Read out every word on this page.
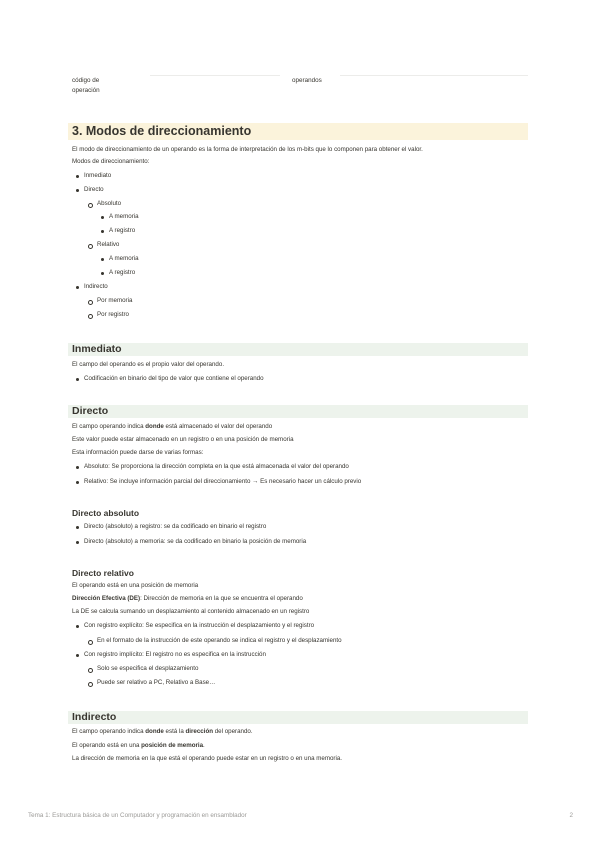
código de operación
operandos
3. Modos de direccionamiento
El modo de direccionamiento de un operando es la forma de interpretación de los m-bits que lo componen para obtener el valor.
Modos de direccionamiento:
Inmediato
Directo
Absoluto
A memoria
A registro
Relativo
A memoria
A registro
Indirecto
Por memoria
Por registro
Inmediato
El campo del operando es el propio valor del operando.
Codificación en binario del tipo de valor que contiene el operando
Directo
El campo operando indica donde está almacenado el valor del operando
Este valor puede estar almacenado en un registro o en una posición de memoria
Esta información puede darse de varias formas:
Absoluto: Se proporciona la dirección completa en la que está almacenada el valor del operando
Relativo: Se incluye información parcial del direccionamiento → Es necesario hacer un cálculo previo
Directo absoluto
Directo (absoluto) a registro: se da codificado en binario el registro
Directo (absoluto) a memoria: se da codificado en binario la posición de memoria
Directo relativo
El operando está en una posición de memoria
Dirección Efectiva (DE): Dirección de memoria en la que se encuentra el operando
La DE se calcula sumando un desplazamiento al contenido almacenado en un registro
Con registro explícito: Se especifica en la instrucción el desplazamiento y el registro
En el formato de la instrucción de este operando se indica el registro y el desplazamiento
Con registro implícito: El registro no es especifica en la instrucción
Solo se especifica el desplazamiento
Puede ser relativo a PC, Relativo a Base…
Indirecto
El campo operando indica donde está la dirección del operando.
El operando está en una posición de memoria.
La dirección de memoria en la que está el operando puede estar en un registro o en una memoria.
Tema 1: Estructura básica de un Computador y programación en ensamblador	2
